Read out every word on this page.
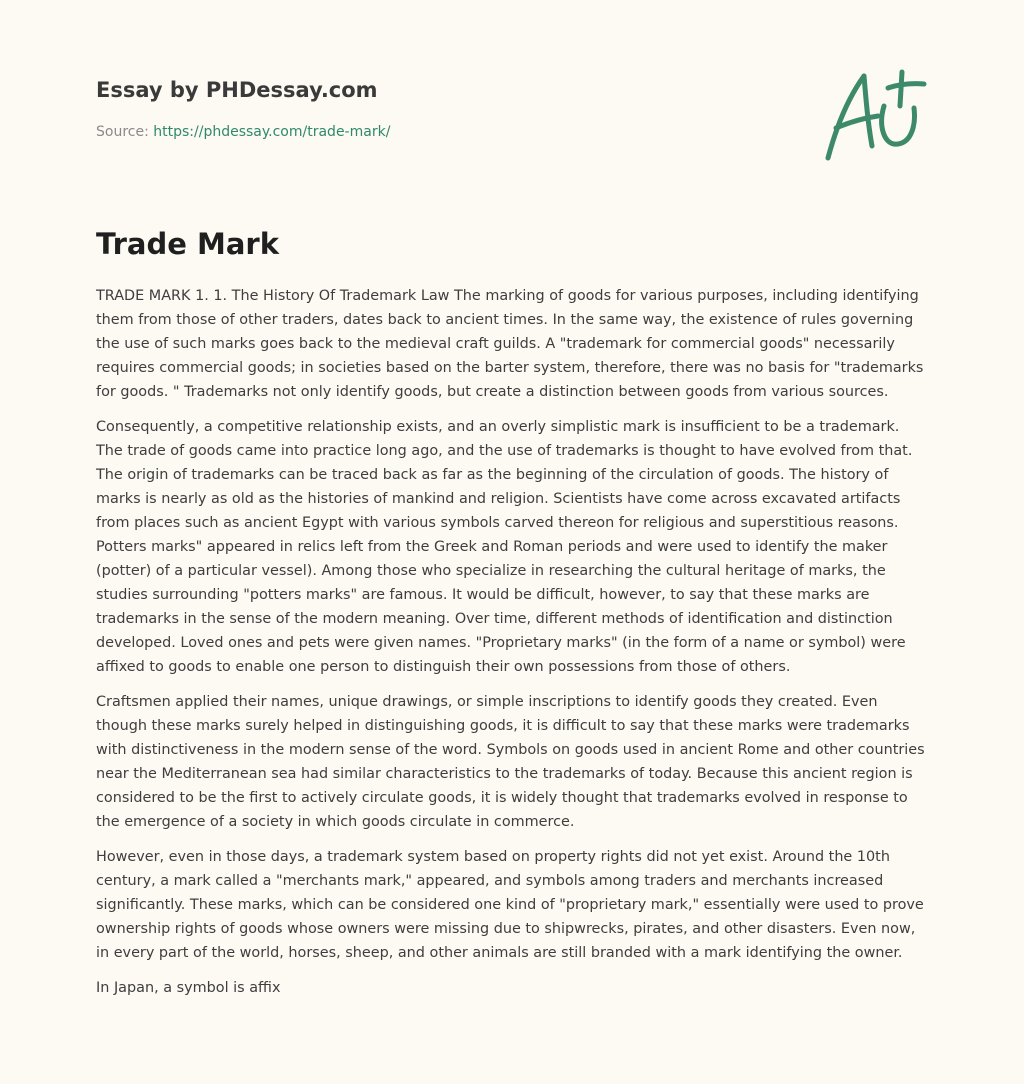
Essay by PHDessay.com

Source: https://phdessay.com/trade-mark/
Trade Mark

TRADE MARK 1. 1. The History Of Trademark Law The marking of goods for various purposes, including identifying them from those of other traders, dates back to ancient times. In the same way, the existence of rules governing the use of such marks goes back to the medieval craft guilds. A "trademark for commercial goods" necessarily requires commercial goods; in societies based on the barter system, therefore, there was no basis for "trademarks for goods. " Trademarks not only identify goods, but create a distinction between goods from various sources.

Consequently, a competitive relationship exists, and an overly simplistic mark is insufficient to be a trademark. The trade of goods came into practice long ago, and the use of trademarks is thought to have evolved from that. The origin of trademarks can be traced back as far as the beginning of the circulation of goods. The history of marks is nearly as old as the histories of mankind and religion. Scientists have come across excavated artifacts from places such as ancient Egypt with various symbols carved thereon for religious and superstitious reasons. Potters marks" appeared in relics left from the Greek and Roman periods and were used to identify the maker (potter) of a particular vessel). Among those who specialize in researching the cultural heritage of marks, the studies surrounding "potters marks" are famous. It would be difficult, however, to say that these marks are trademarks in the sense of the modern meaning. Over time, different methods of identification and distinction developed. Loved ones and pets were given names. "Proprietary marks" (in the form of a name or symbol) were affixed to goods to enable one person to distinguish their own possessions from those of others.

Craftsmen applied their names, unique drawings, or simple inscriptions to identify goods they created. Even though these marks surely helped in distinguishing goods, it is difficult to say that these marks were trademarks with distinctiveness in the modern sense of the word. Symbols on goods used in ancient Rome and other countries near the Mediterranean sea had similar characteristics to the trademarks of today. Because this ancient region is considered to be the first to actively circulate goods, it is widely thought that trademarks evolved in response to the emergence of a society in which goods circulate in commerce.

However, even in those days, a trademark system based on property rights did not yet exist. Around the 10th century, a mark called a "merchants mark," appeared, and symbols among traders and merchants increased significantly. These marks, which can be considered one kind of "proprietary mark," essentially were used to prove ownership rights of goods whose owners were missing due to shipwrecks, pirates, and other disasters. Even now, in every part of the world, horses, sheep, and other animals are still branded with a mark identifying the owner.

In Japan, a symbol is affix
